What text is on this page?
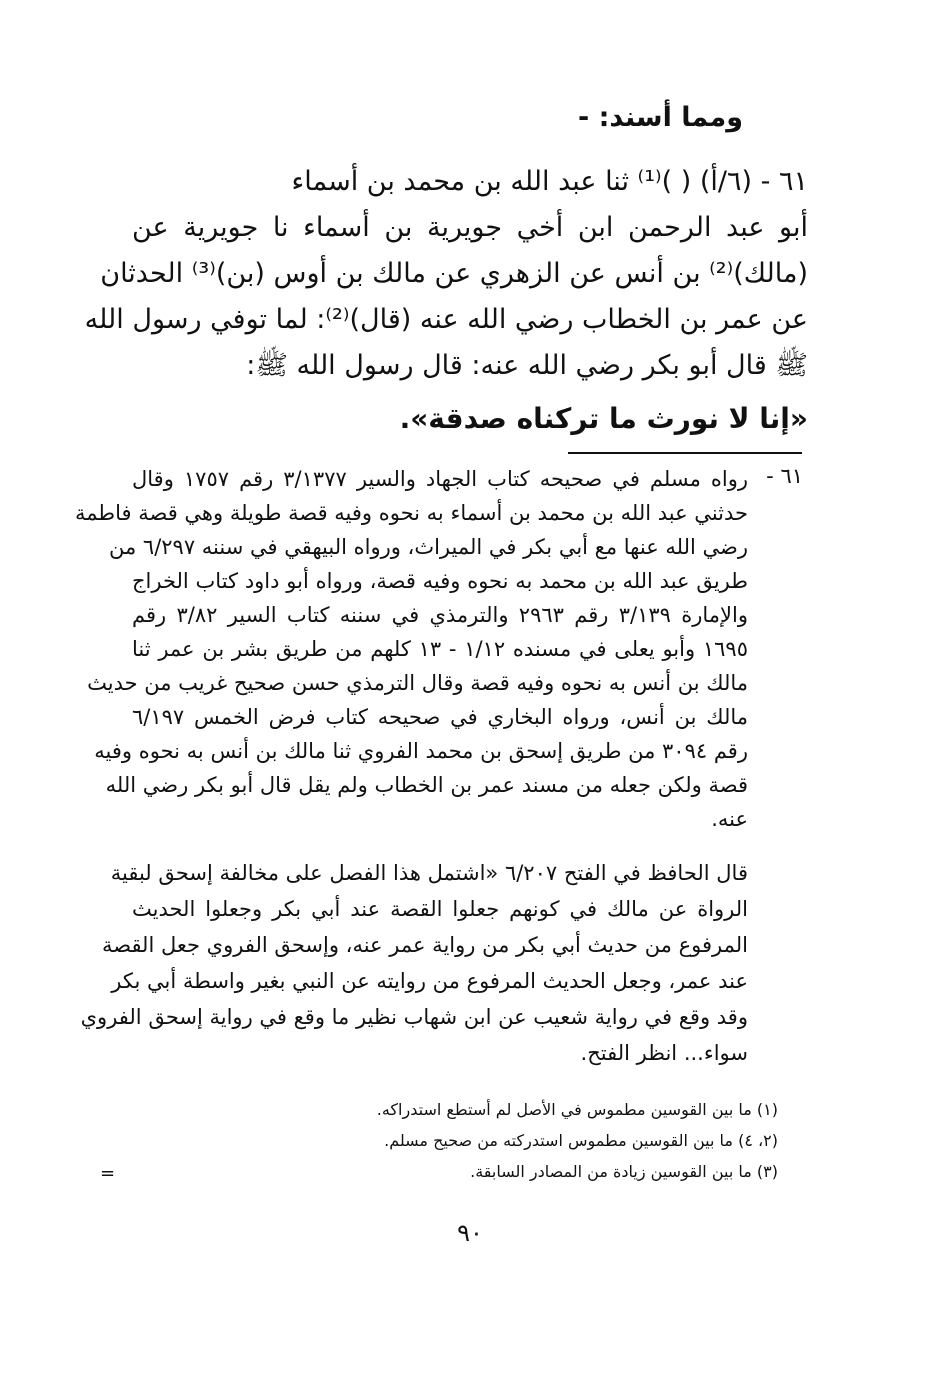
ومما أسند: -
٦١ - (٦/أ) ( )⁽¹⁾ ثنا عبد الله بن محمد بن أسماء
أبو عبد الرحمن ابن أخي جويرية بن أسماء نا جويرية عن
(مالك)⁽²⁾ بن أنس عن الزهري عن مالك بن أوس (بن)⁽³⁾ الحدثان
عن عمر بن الخطاب رضي الله عنه (قال)⁽²⁾: لما توفي رسول الله
ﷺ قال أبو بكر رضي الله عنه: قال رسول الله ﷺ:
«إنا لا نورث ما تركناه صدقة».
٦١ -
رواه مسلم في صحيحه كتاب الجهاد والسير ٣/١٣٧٧ رقم ١٧٥٧ وقال
حدثني عبد الله بن محمد بن أسماء به نحوه وفيه قصة طويلة وهي قصة فاطمة
رضي الله عنها مع أبي بكر في الميراث، ورواه البيهقي في سننه ٦/٢٩٧ من
طريق عبد الله بن محمد به نحوه وفيه قصة، ورواه أبو داود كتاب الخراج
والإمارة ٣/١٣٩ رقم ٢٩٦٣ والترمذي في سننه كتاب السير ٣/٨٢ رقم
١٦٩٥ وأبو يعلى في مسنده ١/١٢ - ١٣ كلهم من طريق بشر بن عمر ثنا
مالك بن أنس به نحوه وفيه قصة وقال الترمذي حسن صحيح غريب من حديث
مالك بن أنس، ورواه البخاري في صحيحه كتاب فرض الخمس ٦/١٩٧
رقم ٣٠٩٤ من طريق إسحق بن محمد الفروي ثنا مالك بن أنس به نحوه وفيه
قصة ولكن جعله من مسند عمر بن الخطاب ولم يقل قال أبو بكر رضي الله
عنه.
قال الحافظ في الفتح ٦/٢٠٧ «اشتمل هذا الفصل على مخالفة إسحق لبقية
الرواة عن مالك في كونهم جعلوا القصة عند أبي بكر وجعلوا الحديث
المرفوع من حديث أبي بكر من رواية عمر عنه، وإسحق الفروي جعل القصة
عند عمر، وجعل الحديث المرفوع من روايته عن النبي بغير واسطة أبي بكر
وقد وقع في رواية شعيب عن ابن شهاب نظير ما وقع في رواية إسحق الفروي
سواء... انظر الفتح.
(١) ما بين القوسين مطموس في الأصل لم أستطع استدراكه.
(٢، ٤) ما بين القوسين مطموس استدركته من صحيح مسلم.
(٣) ما بين القوسين زيادة من المصادر السابقة.
=
٩٠
